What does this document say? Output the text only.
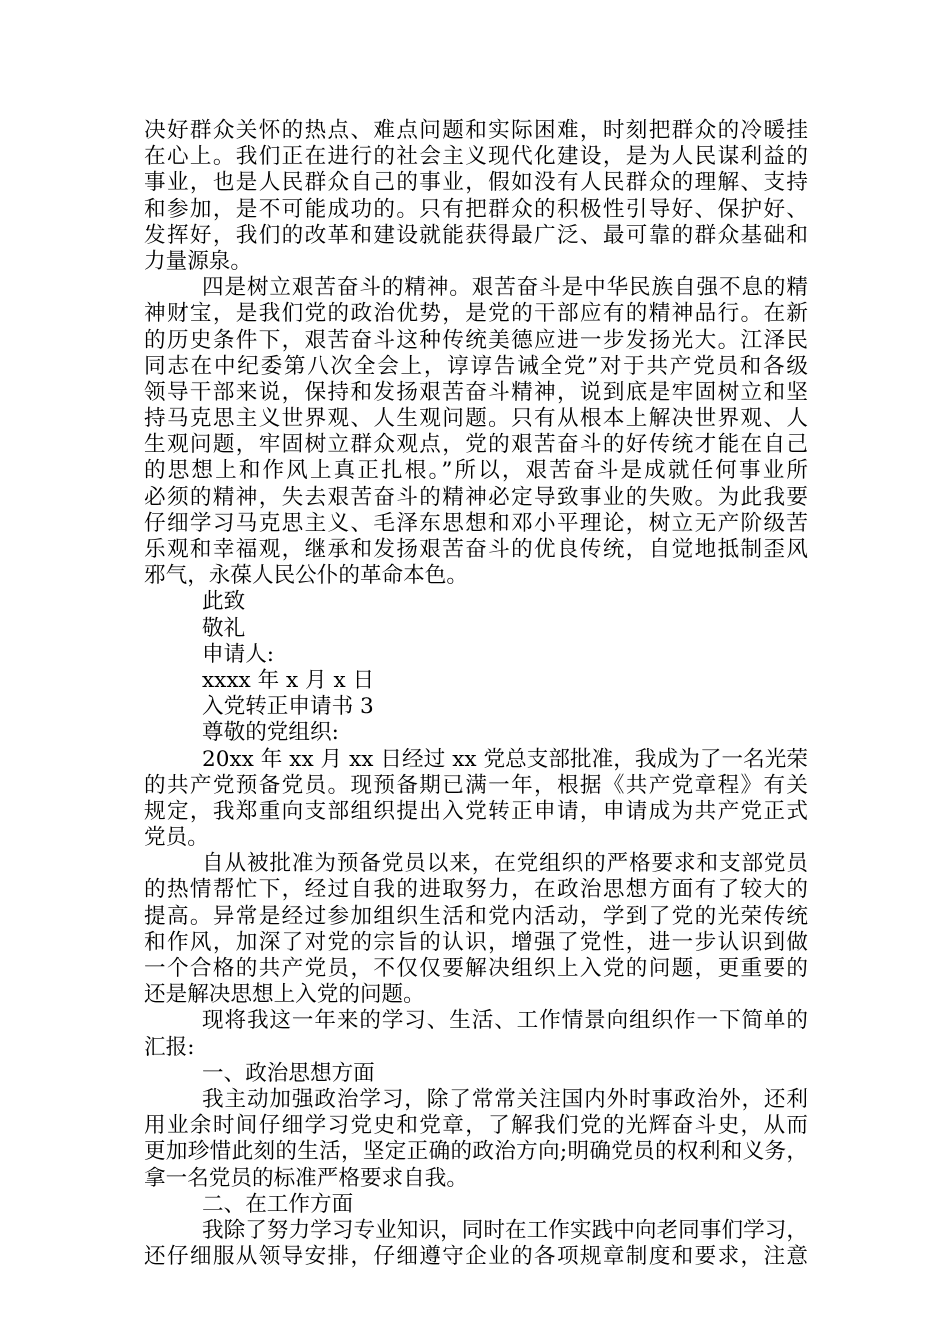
决好群众关怀的热点、难点问题和实际困难，时刻把群众的冷暖挂
在心上。我们正在进行的社会主义现代化建设，是为人民谋利益的
事业，也是人民群众自己的事业，假如没有人民群众的理解、支持
和参加，是不可能成功的。只有把群众的积极性引导好、保护好、
发挥好，我们的改革和建设就能获得最广泛、最可靠的群众基础和
力量源泉。
四是树立艰苦奋斗的精神。艰苦奋斗是中华民族自强不息的精
神财宝，是我们党的政治优势，是党的干部应有的精神品行。在新
的历史条件下，艰苦奋斗这种传统美德应进一步发扬光大。江泽民
同志在中纪委第八次全会上，谆谆告诫全党”对于共产党员和各级
领导干部来说，保持和发扬艰苦奋斗精神，说到底是牢固树立和坚
持马克思主义世界观、人生观问题。只有从根本上解决世界观、人
生观问题，牢固树立群众观点，党的艰苦奋斗的好传统才能在自己
的思想上和作风上真正扎根。”所以，艰苦奋斗是成就任何事业所
必须的精神，失去艰苦奋斗的精神必定导致事业的失败。为此我要
仔细学习马克思主义、毛泽东思想和邓小平理论，树立无产阶级苦
乐观和幸福观，继承和发扬艰苦奋斗的优良传统，自觉地抵制歪风
邪气，永葆人民公仆的革命本色。
此致
敬礼
申请人:
xxxx 年 x 月 x 日
入党转正申请书 3
尊敬的党组织:
20xx 年 xx 月 xx 日经过 xx 党总支部批准，我成为了一名光荣
的共产党预备党员。现预备期已满一年，根据《共产党章程》有关
规定，我郑重向支部组织提出入党转正申请，申请成为共产党正式
党员。
自从被批准为预备党员以来，在党组织的严格要求和支部党员
的热情帮忙下，经过自我的进取努力，在政治思想方面有了较大的
提高。异常是经过参加组织生活和党内活动，学到了党的光荣传统
和作风，加深了对党的宗旨的认识，增强了党性，进一步认识到做
一个合格的共产党员，不仅仅要解决组织上入党的问题，更重要的
还是解决思想上入党的问题。
现将我这一年来的学习、生活、工作情景向组织作一下简单的
汇报:
一、政治思想方面
我主动加强政治学习，除了常常关注国内外时事政治外，还利
用业余时间仔细学习党史和党章，了解我们党的光辉奋斗史，从而
更加珍惜此刻的生活，坚定正确的政治方向;明确党员的权利和义务，
拿一名党员的标准严格要求自我。
二、在工作方面
我除了努力学习专业知识，同时在工作实践中向老同事们学习，
还仔细服从领导安排，仔细遵守企业的各项规章制度和要求，注意
